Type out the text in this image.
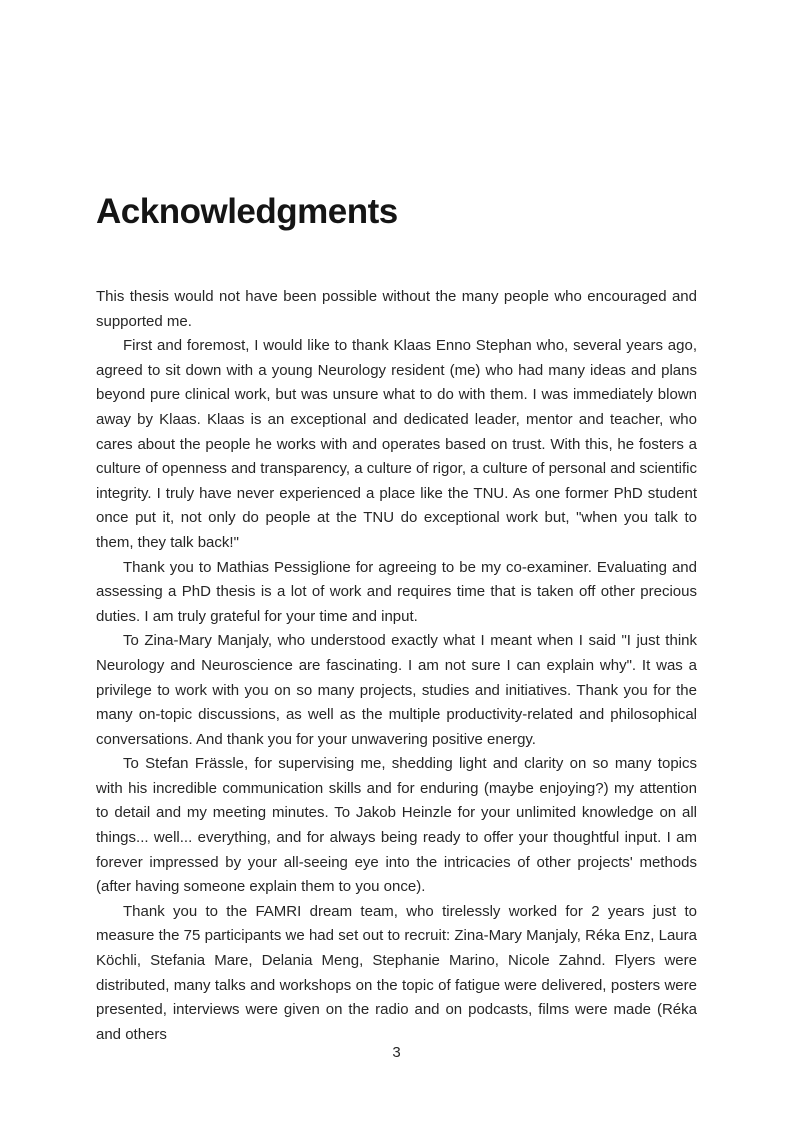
Acknowledgments

This thesis would not have been possible without the many people who encouraged and supported me.

First and foremost, I would like to thank Klaas Enno Stephan who, several years ago, agreed to sit down with a young Neurology resident (me) who had many ideas and plans beyond pure clinical work, but was unsure what to do with them. I was immediately blown away by Klaas. Klaas is an exceptional and dedicated leader, mentor and teacher, who cares about the people he works with and operates based on trust. With this, he fosters a culture of openness and transparency, a culture of rigor, a culture of personal and scientific integrity. I truly have never experienced a place like the TNU. As one former PhD student once put it, not only do people at the TNU do exceptional work but, "when you talk to them, they talk back!"

Thank you to Mathias Pessiglione for agreeing to be my co-examiner. Evaluating and assessing a PhD thesis is a lot of work and requires time that is taken off other precious duties. I am truly grateful for your time and input.

To Zina-Mary Manjaly, who understood exactly what I meant when I said "I just think Neurology and Neuroscience are fascinating. I am not sure I can explain why". It was a privilege to work with you on so many projects, studies and initiatives. Thank you for the many on-topic discussions, as well as the multiple productivity-related and philosophical conversations. And thank you for your unwavering positive energy.

To Stefan Frässle, for supervising me, shedding light and clarity on so many topics with his incredible communication skills and for enduring (maybe enjoying?) my attention to detail and my meeting minutes. To Jakob Heinzle for your unlimited knowledge on all things... well... everything, and for always being ready to offer your thoughtful input. I am forever impressed by your all-seeing eye into the intricacies of other projects' methods (after having someone explain them to you once).

Thank you to the FAMRI dream team, who tirelessly worked for 2 years just to measure the 75 participants we had set out to recruit: Zina-Mary Manjaly, Réka Enz, Laura Köchli, Stefania Mare, Delania Meng, Stephanie Marino, Nicole Zahnd. Flyers were distributed, many talks and workshops on the topic of fatigue were delivered, posters were presented, interviews were given on the radio and on podcasts, films were made (Réka and others

3
